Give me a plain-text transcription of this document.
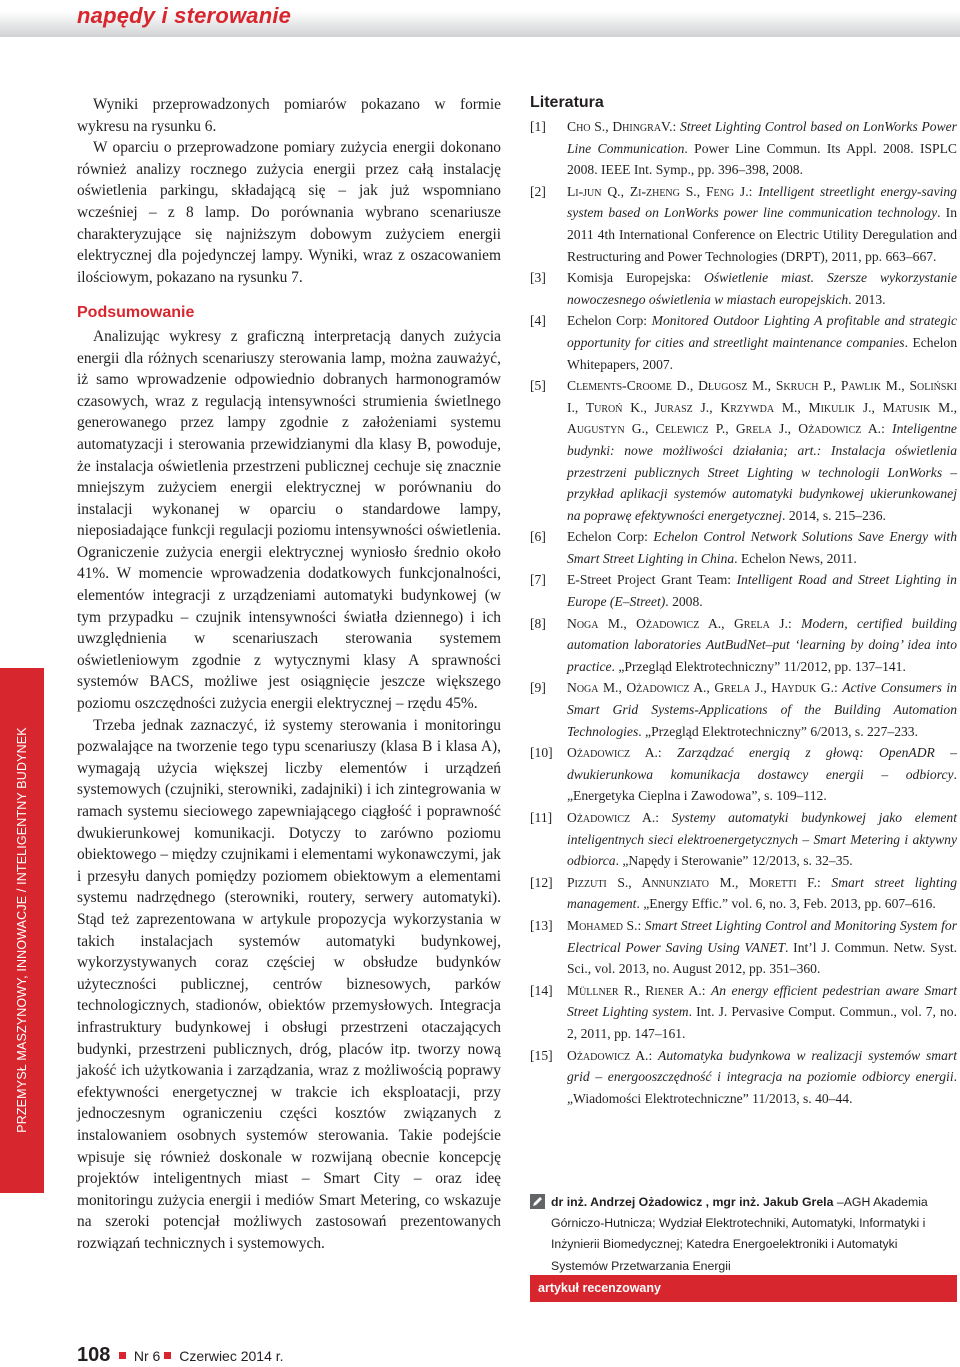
napędy i sterowanie
PRZEMYSŁ MASZYNOWY, INNOWACJE / INTELIGENTNY BUDYNEK

Wyniki przeprowadzonych pomiarów pokazano w formie wykresu na rysunku 6.

W oparciu o przeprowadzone pomiary zużycia energii dokonano również analizy rocznego zużycia energii przez całą instalację oświetlenia parkingu, składającą się – jak już wspomniano wcześniej – z 8 lamp. Do porównania wybrano scenariusze charakteryzujące się najniższym dobowym zużyciem energii elektrycznej dla pojedynczej lampy. Wyniki, wraz z oszacowaniem ilościowym, pokazano na rysunku 7.

Podsumowanie

Analizując wykresy z graficzną interpretacją danych zużycia energii dla różnych scenariuszy sterowania lamp, można zauważyć, iż samo wprowadzenie odpowiednio dobranych harmonogramów czasowych, wraz z regulacją intensywności strumienia świetlnego generowanego przez lampy zgodnie z założeniami systemu automatyzacji i sterowania przewidzianymi dla klasy B, powoduje, że instalacja oświetlenia przestrzeni publicznej cechuje się znacznie mniejszym zużyciem energii elektrycznej w porównaniu do instalacji wykonanej w oparciu o standardowe lampy, nieposiadające funkcji regulacji poziomu intensywności oświetlenia. Ograniczenie zużycia energii elektrycznej wyniosło średnio około 41%. W momencie wprowadzenia dodatkowych funkcjonalności, elementów integracji z urządzeniami automatyki budynkowej (w tym przypadku – czujnik intensywności światła dziennego) i ich uwzględnienia w scenariuszach sterowania systemem oświetleniowym zgodnie z wytycznymi klasy A sprawności systemów BACS, możliwe jest osiągnięcie jeszcze większego poziomu oszczędności zużycia energii elektrycznej – rzędu 45%.

Trzeba jednak zaznaczyć, iż systemy sterowania i monitoringu pozwalające na tworzenie tego typu scenariuszy (klasa B i klasa A), wymagają użycia większej liczby elementów i urządzeń systemowych (czujniki, sterowniki, zadajniki) i ich zintegrowania w ramach systemu sieciowego zapewniającego ciągłość i poprawność dwukierunkowej komunikacji. Dotyczy to zarówno poziomu obiektowego – między czujnikami i elementami wykonawczymi, jak i przesyłu danych pomiędzy poziomem obiektowym a elementami systemu nadrzędnego (sterowniki, routery, serwery automatyki). Stąd też zaprezentowana w artykule propozycja wykorzystania w takich instalacjach systemów automatyki budynkowej, wykorzystywanych coraz częściej w obsłudze budynków użyteczności publicznej, centrów biznesowych, parków technologicznych, stadionów, obiektów przemysłowych. Integracja infrastruktury budynkowej i obsługi przestrzeni otaczających budynki, przestrzeni publicznych, dróg, placów itp. tworzy nową jakość ich użytkowania i zarządzania, wraz z możliwością poprawy efektywności energetycznej w trakcie ich eksploatacji, przy jednoczesnym ograniczeniu części kosztów związanych z instalowaniem osobnych systemów sterowania. Takie podejście wpisuje się również doskonale w rozwijaną obecnie koncepcję projektów inteligentnych miast – Smart City – oraz ideę monitoringu zużycia energii i mediów Smart Metering, co wskazuje na szeroki potencjał możliwych zastosowań prezentowanych rozwiązań technicznych i systemowych.

Literatura
[1] Cho S., DhingraV.: Street Lighting Control based on LonWorks Power Line Communication. Power Line Commun. Its Appl. 2008. ISPLC 2008. IEEE Int. Symp., pp. 396–398, 2008.
[2] Li-jun Q., Zi-zheng S., Feng J.: Intelligent streetlight energy-saving system based on LonWorks power line communication technology. In 2011 4th International Conference on Electric Utility Deregulation and Restructuring and Power Technologies (DRPT), 2011, pp. 663–667.
[3] Komisja Europejska: Oświetlenie miast. Szersze wykorzystanie nowoczesnego oświetlenia w miastach europejskich. 2013.
[4] Echelon Corp: Monitored Outdoor Lighting A profitable and strategic opportunity for cities and streetlight maintenance companies. Echelon Whitepapers, 2007.
[5] Clements-Croome D., Długosz M., Skruch P., Pawlik M., Soliński I., Turoń K., Jurasz J., Krzywda M., Mikulik J., Matusik M., Augustyn G., Celewicz P., Grela J., Ożadowicz A.: Inteligentne budynki: nowe możliwości działania; art.: Instalacja oświetlenia przestrzeni publicznych Street Lighting w technologii LonWorks – przykład aplikacji systemów automatyki budynkowej ukierunkowanej na poprawę efektywności energetycznej. 2014, s. 215–236.
[6] Echelon Corp: Echelon Control Network Solutions Save Energy with Smart Street Lighting in China. Echelon News, 2011.
[7] E-Street Project Grant Team: Intelligent Road and Street Lighting in Europe (E–Street). 2008.
[8] Noga M., Ożadowicz A., Grela J.: Modern, certified building automation laboratories AutBudNet–put ‘learning by doing’ idea into practice. „Przegląd Elektrotechniczny” 11/2012, pp. 137–141.
[9] Noga M., Ożadowicz A., Grela J., Hayduk G.: Active Consumers in Smart Grid Systems-Applications of the Building Automation Technologies. „Przegląd Elektrotechniczny” 6/2013, s. 227–233.
[10] Ożadowicz A.: Zarządzać energią z głową: OpenADR – dwukierunkowa komunikacja dostawcy energii – odbiorcy. „Energetyka Cieplna i Zawodowa”, s. 109–112.
[11] Ożadowicz A.: Systemy automatyki budynkowej jako element inteligentnych sieci elektroenergetycznych – Smart Metering i aktywny odbiorca. „Napędy i Sterowanie” 12/2013, s. 32–35.
[12] Pizzuti S., Annunziato M., Moretti F.: Smart street lighting management. „Energy Effic.” vol. 6, no. 3, Feb. 2013, pp. 607–616.
[13] Mohamed S.: Smart Street Lighting Control and Monitoring System for Electrical Power Saving Using VANET. Int’l J. Commun. Netw. Syst. Sci., vol. 2013, no. August 2012, pp. 351–360.
[14] Müllner R., Riener A.: An energy efficient pedestrian aware Smart Street Lighting system. Int. J. Pervasive Comput. Commun., vol. 7, no. 2, 2011, pp. 147–161.
[15] Ożadowicz A.: Automatyka budynkowa w realizacji systemów smart grid – energooszczędność i integracja na poziomie odbiorcy energii. „Wiadomości Elektrotechniczne” 11/2013, s. 40–44.
dr inż. Andrzej Ożadowicz , mgr inż. Jakub Grela –AGH Akademia Górniczo-Hutnicza; Wydział Elektrotechniki, Automatyki, Informatyki i Inżynierii Biomedycznej; Katedra Energoelektroniki i Automatyki Systemów Przetwarzania Energii
artykuł recenzowany
108 Nr 6 Czerwiec 2014 r.
